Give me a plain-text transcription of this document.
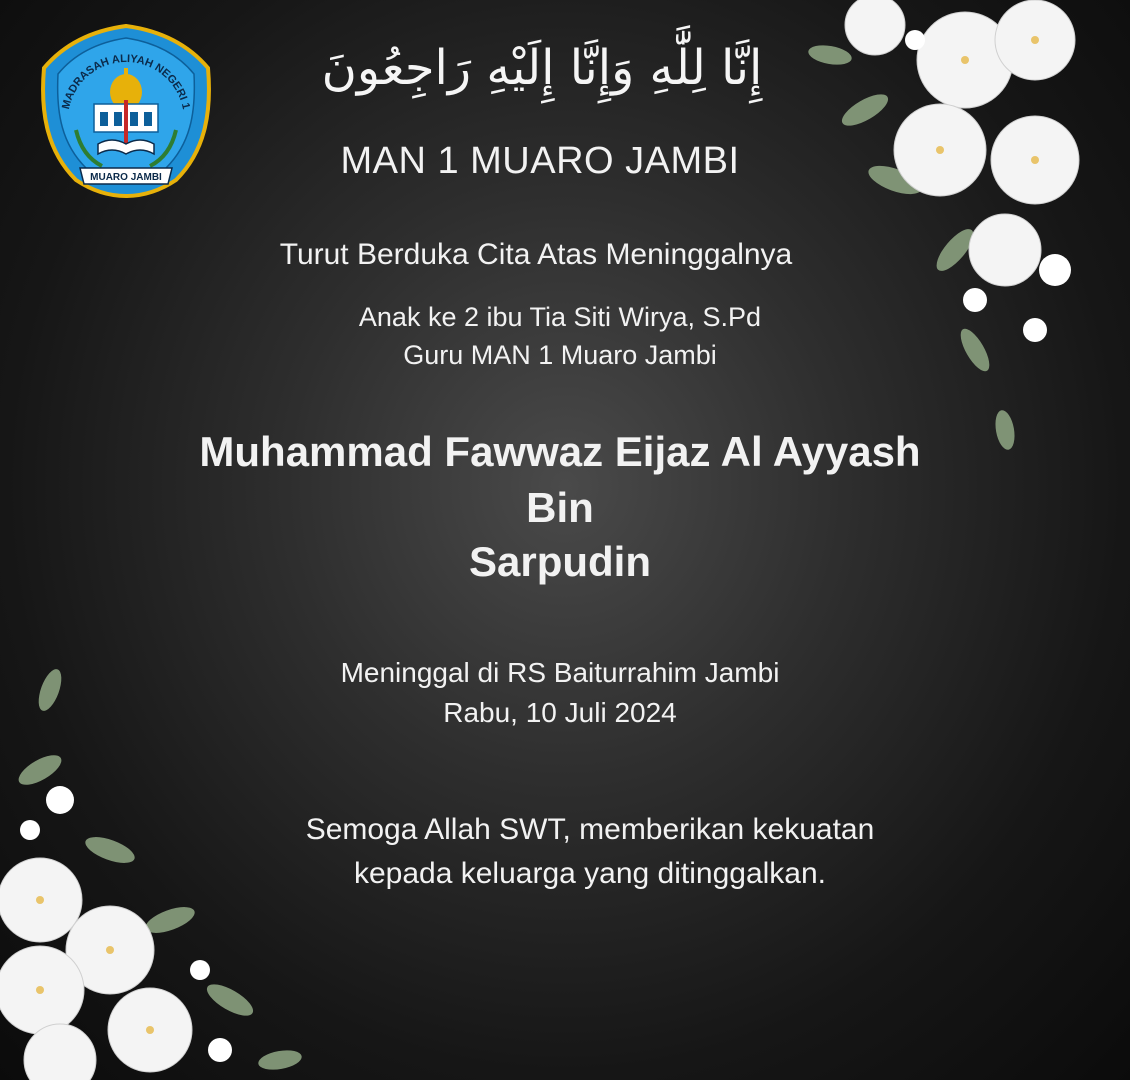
MADRASAH ALIYAH NEGERI 1
MUARO JAMBI
إِنَّا لِلَّٰهِ وَإِنَّا إِلَيْهِ رَاجِعُونَ
MAN 1 MUARO JAMBI
Turut Berduka Cita Atas Meninggalnya
Anak ke 2 ibu Tia Siti Wirya, S.Pd
Guru MAN 1 Muaro Jambi
Muhammad Fawwaz Eijaz Al Ayyash
Bin
Sarpudin
Meninggal di RS Baiturrahim Jambi
Rabu, 10 Juli 2024
Semoga Allah SWT, memberikan kekuatan
kepada keluarga yang ditinggalkan.
